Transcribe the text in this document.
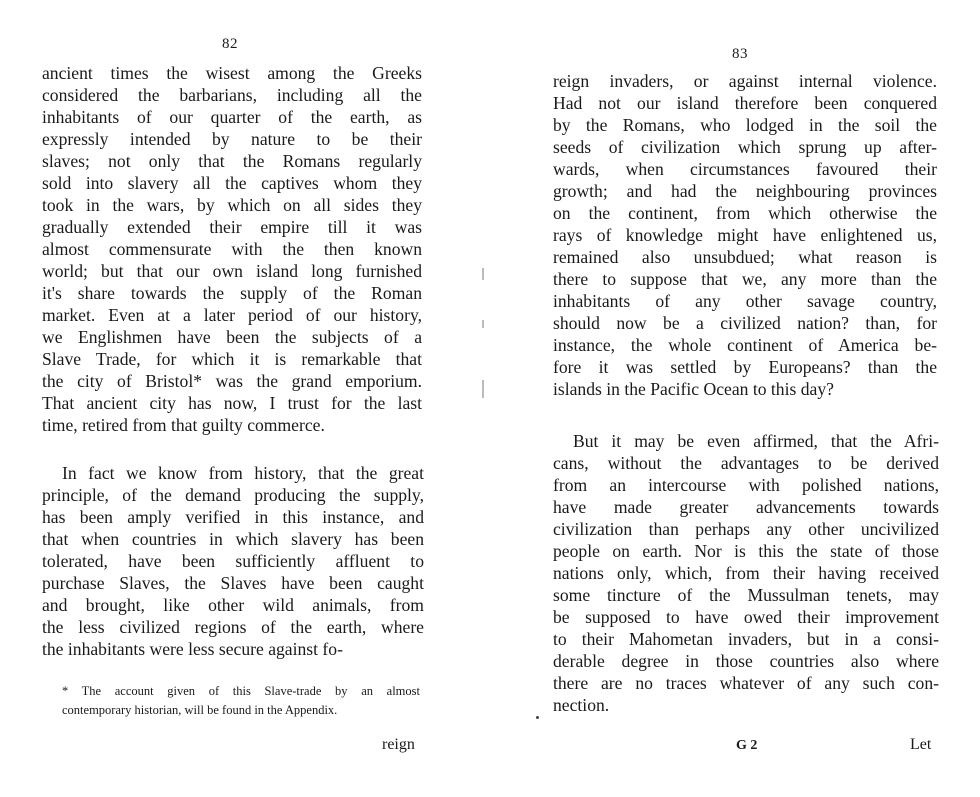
82
ancient times the wisest among the Greeks
considered the barbarians, including all the
inhabitants of our quarter of the earth, as
expressly intended by nature to be their
slaves; not only that the Romans regularly
sold into slavery all the captives whom they
took in the wars, by which on all sides they
gradually extended their empire till it was
almost commensurate with the then known
world; but that our own island long furnished
it's share towards the supply of the Roman
market. Even at a later period of our history,
we Englishmen have been the subjects of a
Slave Trade, for which it is remarkable that
the city of Bristol* was the grand emporium.
That ancient city has now, I trust for the last
time, retired from that guilty commerce.
In fact we know from history, that the great
principle, of the demand producing the supply,
has been amply verified in this instance, and
that when countries in which slavery has been
tolerated, have been sufficiently affluent to
purchase Slaves, the Slaves have been caught
and brought, like other wild animals, from
the less civilized regions of the earth, where
the inhabitants were less secure against fo-
* The account given of this Slave-trade by an almost
contemporary historian, will be found in the Appendix.
reign
83
reign invaders, or against internal violence.
Had not our island therefore been conquered
by the Romans, who lodged in the soil the
seeds of civilization which sprung up after-
wards, when circumstances favoured their
growth; and had the neighbouring provinces
on the continent, from which otherwise the
rays of knowledge might have enlightened us,
remained also unsubdued; what reason is
there to suppose that we, any more than the
inhabitants of any other savage country,
should now be a civilized nation? than, for
instance, the whole continent of America be-
fore it was settled by Europeans? than the
islands in the Pacific Ocean to this day?
But it may be even affirmed, that the Afri-
cans, without the advantages to be derived
from an intercourse with polished nations,
have made greater advancements towards
civilization than perhaps any other uncivilized
people on earth. Nor is this the state of those
nations only, which, from their having received
some tincture of the Mussulman tenets, may
be supposed to have owed their improvement
to their Mahometan invaders, but in a consi-
derable degree in those countries also where
there are no traces whatever of any such con-
nection.
G 2	Let
